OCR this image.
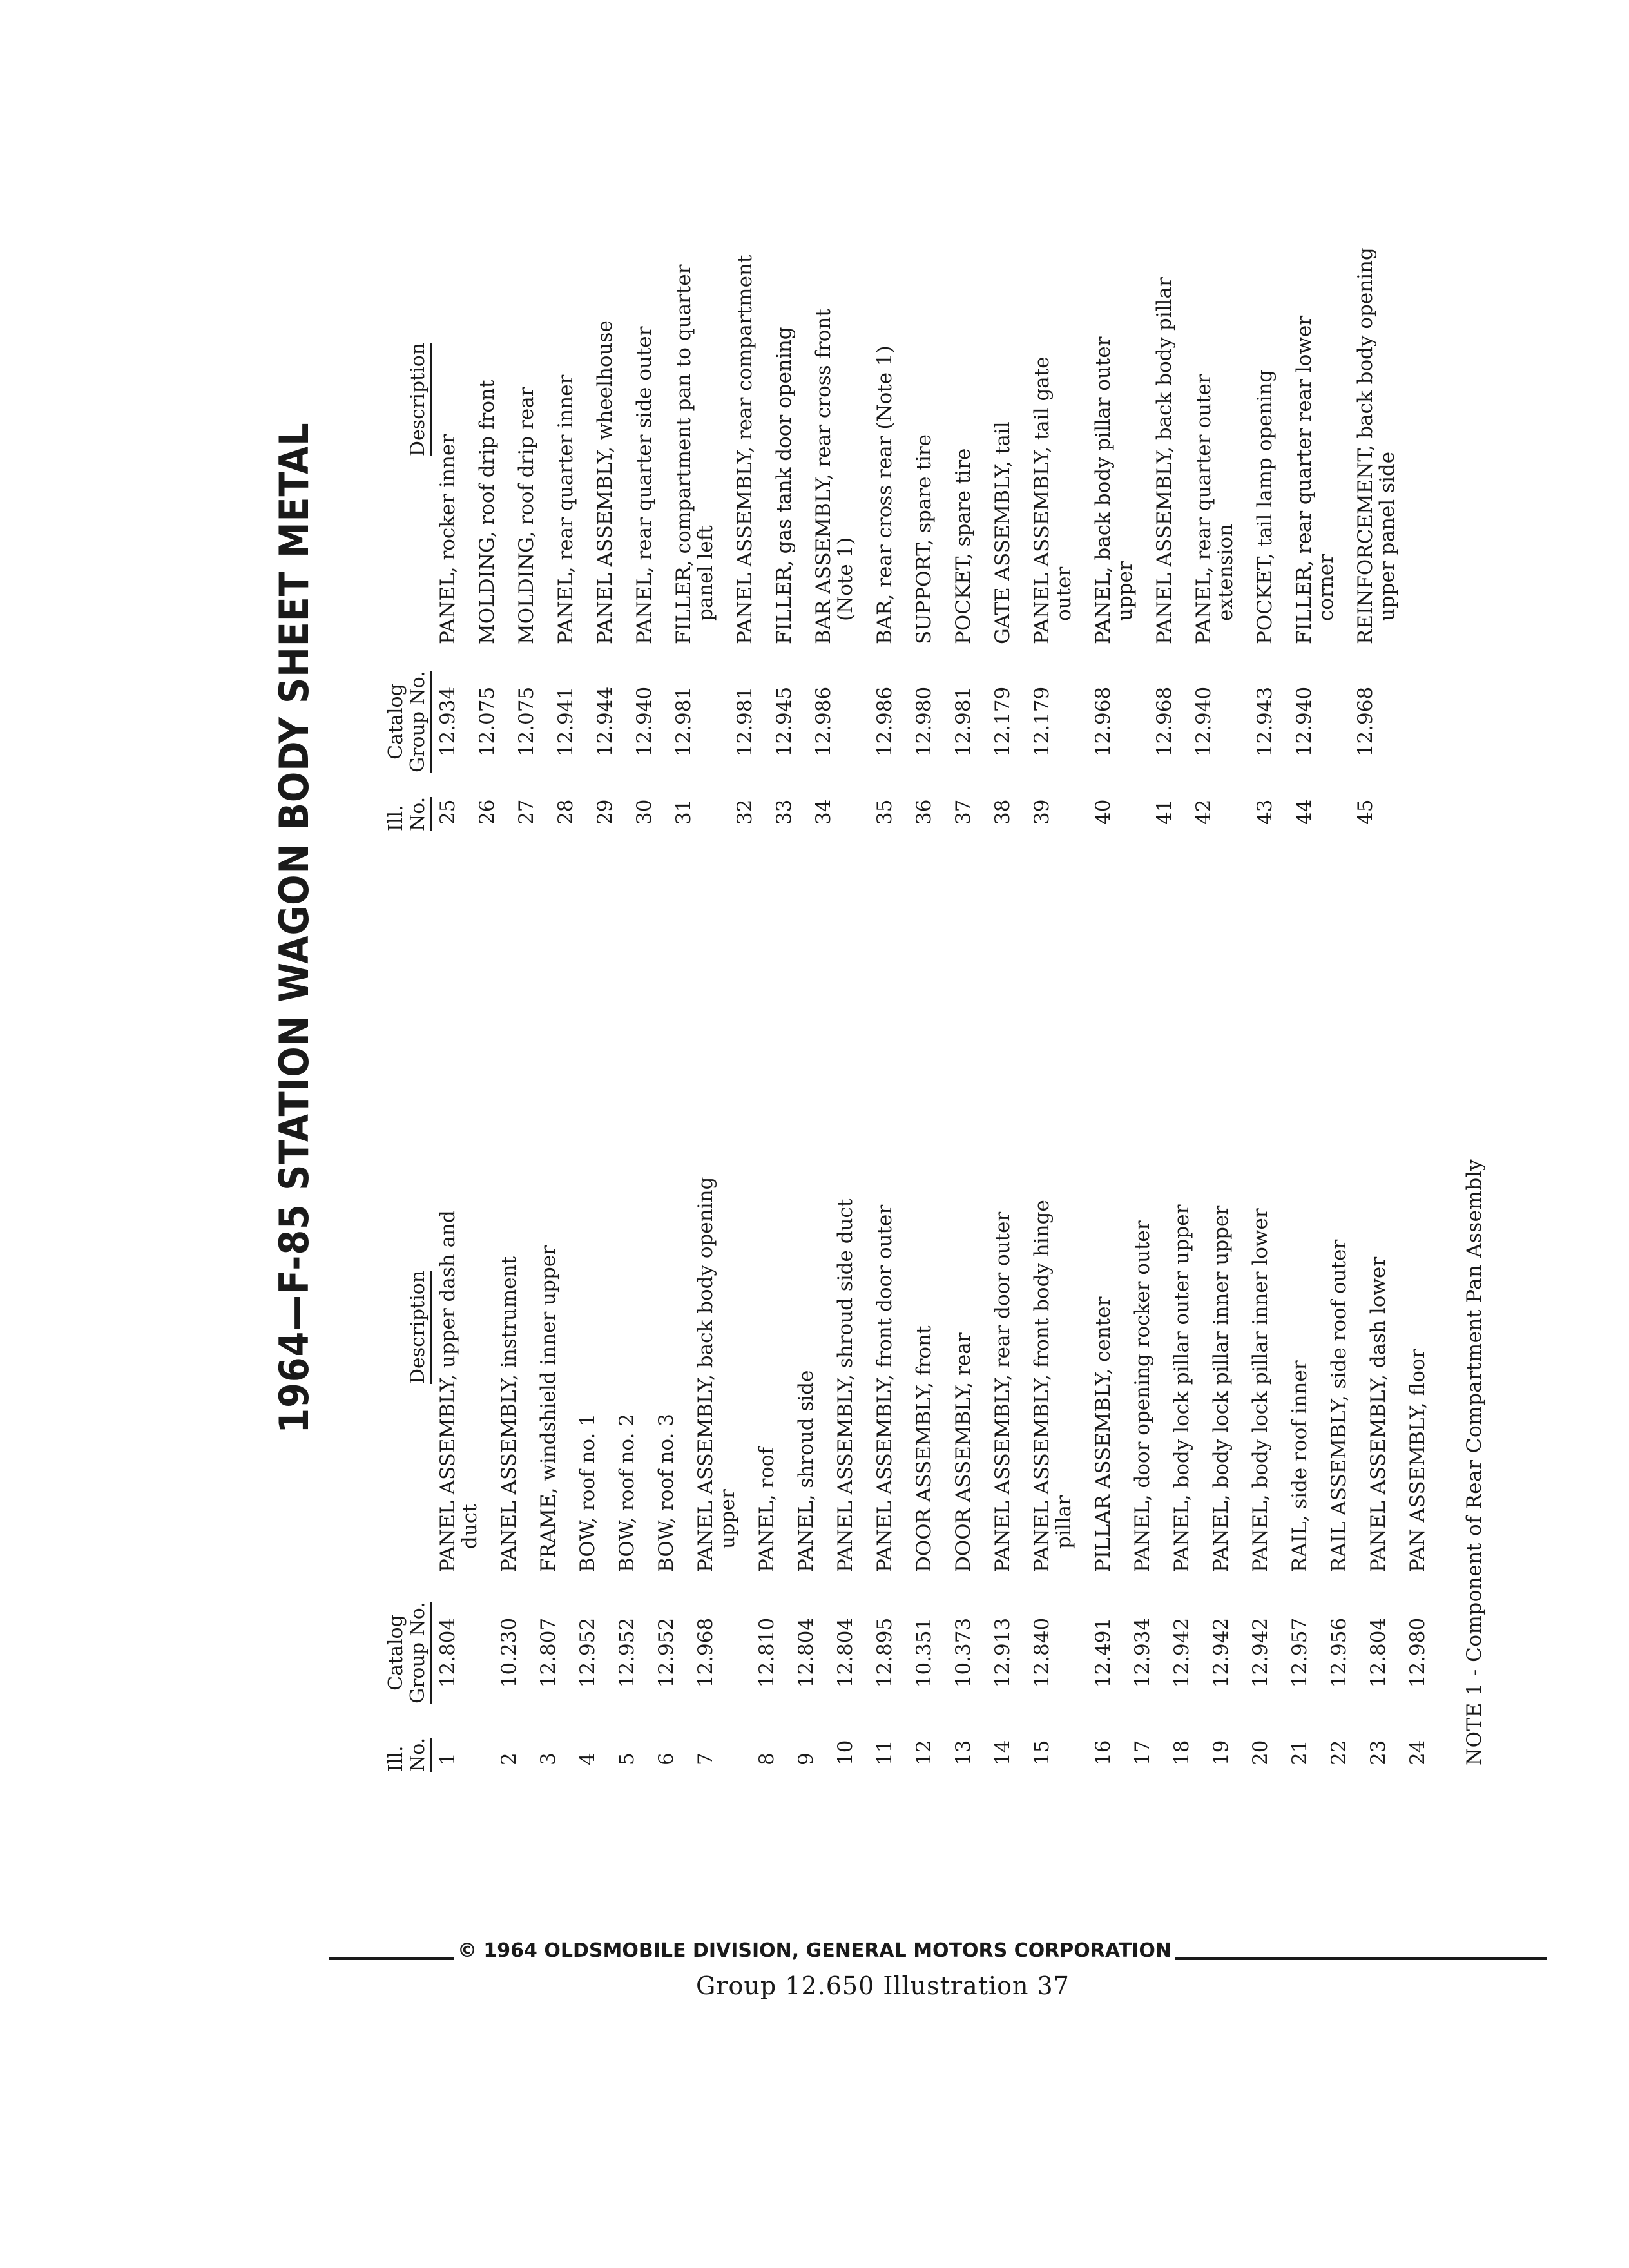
1964—F-85 STATION WAGON BODY SHEET METAL
Ill. No.
Catalog Group No.
Description
1
12.804
PANEL ASSEMBLY, upper dash and
duct
2
10.230
PANEL ASSEMBLY, instrument
3
12.807
FRAME, windshield inner upper
4
12.952
BOW, roof no. 1
5
12.952
BOW, roof no. 2
6
12.952
BOW, roof no. 3
7
12.968
PANEL ASSEMBLY, back body opening
upper
8
12.810
PANEL, roof
9
12.804
PANEL, shroud side
10
12.804
PANEL ASSEMBLY, shroud side duct
11
12.895
PANEL ASSEMBLY, front door outer
12
10.351
DOOR ASSEMBLY, front
13
10.373
DOOR ASSEMBLY, rear
14
12.913
PANEL ASSEMBLY, rear door outer
15
12.840
PANEL ASSEMBLY, front body hinge
pillar
16
12.491
PILLAR ASSEMBLY, center
17
12.934
PANEL, door opening rocker outer
18
12.942
PANEL, body lock pillar outer upper
19
12.942
PANEL, body lock pillar inner upper
20
12.942
PANEL, body lock pillar inner lower
21
12.957
RAIL, side roof inner
22
12.956
RAIL ASSEMBLY, side roof outer
23
12.804
PANEL ASSEMBLY, dash lower
24
12.980
PAN ASSEMBLY, floor
Ill. No.
Catalog Group No.
Description
25
12.934
PANEL, rocker inner
26
12.075
MOLDING, roof drip front
27
12.075
MOLDING, roof drip rear
28
12.941
PANEL, rear quarter inner
29
12.944
PANEL ASSEMBLY, wheelhouse
30
12.940
PANEL, rear quarter side outer
31
12.981
FILLER, compartment pan to quarter
panel left
32
12.981
PANEL ASSEMBLY, rear compartment
33
12.945
FILLER, gas tank door opening
34
12.986
BAR ASSEMBLY, rear cross front
(Note 1)
35
12.986
BAR, rear cross rear (Note 1)
36
12.980
SUPPORT, spare tire
37
12.981
POCKET, spare tire
38
12.179
GATE ASSEMBLY, tail
39
12.179
PANEL ASSEMBLY, tail gate
outer
40
12.968
PANEL, back body pillar outer
upper
41
12.968
PANEL ASSEMBLY, back body pillar
42
12.940
PANEL, rear quarter outer
extension
43
12.943
POCKET, tail lamp opening
44
12.940
FILLER, rear quarter rear lower
corner
45
12.968
REINFORCEMENT, back body opening
upper panel side
NOTE 1 - Component of Rear Compartment Pan Assembly
© 1964 OLDSMOBILE DIVISION, GENERAL MOTORS CORPORATION
Group 12.650 Illustration 37
